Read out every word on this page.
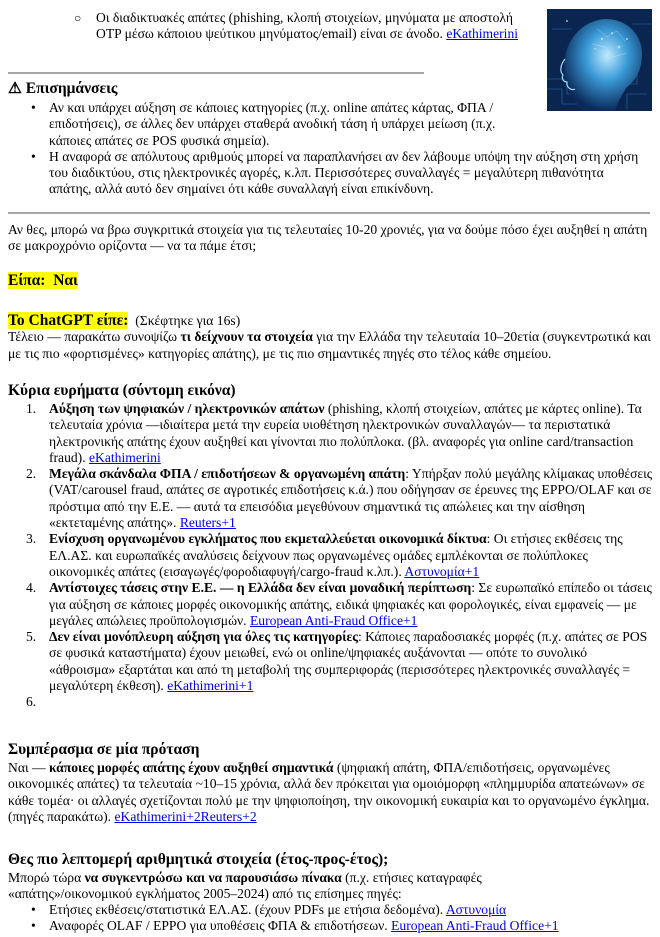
○ Οι διαδικτυακές απάτες (phishing, κλοπή στοιχείων, μηνύματα με αποστολή OTP μέσω κάποιου ψεύτικου μηνύματος/email) είναι σε άνοδο. eKathimerini
⚠ Επισημάνσεις
• Αν και υπάρχει αύξηση σε κάποιες κατηγορίες (π.χ. online απάτες κάρτας, ΦΠΑ / επιδοτήσεις), σε άλλες δεν υπάρχει σταθερά ανοδική τάση ή υπάρχει μείωση (π.χ. κάποιες απάτες σε POS φυσικά σημεία).
• Η αναφορά σε απόλυτους αριθμούς μπορεί να παραπλανήσει αν δεν λάβουμε υπόψη την αύξηση στη χρήση του διαδικτύου, στις ηλεκτρονικές αγορές, κ.λπ. Περισσότερες συναλλαγές = μεγαλύτερη πιθανότητα απάτης, αλλά αυτό δεν σημαίνει ότι κάθε συναλλαγή είναι επικίνδυνη.
Αν θες, μπορώ να βρω συγκριτικά στοιχεία για τις τελευταίες 10-20 χρονιές, για να δούμε πόσο έχει αυξηθεί η απάτη σε μακροχρόνιο ορίζοντα — να τα πάμε έτσι;
Είπα: Ναι
Το ChatGPT είπε: (Σκέφτηκε για 16s)
Τέλειο — παρακάτω συνοψίζω τι δείχνουν τα στοιχεία για την Ελλάδα την τελευταία 10–20ετία (συγκεντρωτικά και με τις πιο «φορτισμένες» κατηγορίες απάτης), με τις πιο σημαντικές πηγές στο τέλος κάθε σημείου.
Κύρια ευρήματα (σύντομη εικόνα)
1. Αύξηση των ψηφιακών / ηλεκτρονικών απάτων (phishing, κλοπή στοιχείων, απάτες με κάρτες online). Τα τελευταία χρόνια —ιδιαίτερα μετά την ευρεία υιοθέτηση ηλεκτρονικών συναλλαγών— τα περιστατικά ηλεκτρονικής απάτης έχουν αυξηθεί και γίνονται πιο πολύπλοκα. (βλ. αναφορές για online card/transaction fraud). eKathimerini
2. Μεγάλα σκάνδαλα ΦΠΑ / επιδοτήσεων & οργανωμένη απάτη: Υπήρξαν πολύ μεγάλης κλίμακας υποθέσεις (VAT/carousel fraud, απάτες σε αγροτικές επιδοτήσεις κ.ά.) που οδήγησαν σε έρευνες της EPPO/OLAF και σε πρόστιμα από την Ε.Ε. — αυτά τα επεισόδια μεγεθύνουν σημαντικά τις απώλειες και την αίσθηση «εκτεταμένης απάτης». Reuters+1
3. Ενίσχυση οργανωμένου εγκλήματος που εκμεταλλεύεται οικονομικά δίκτυα: Οι ετήσιες εκθέσεις της ΕΛ.ΑΣ. και ευρωπαϊκές αναλύσεις δείχνουν πως οργανωμένες ομάδες εμπλέκονται σε πολύπλοκες οικονομικές απάτες (εισαγωγές/φοροδιαφυγή/cargo-fraud κ.λπ.). Αστυνομία+1
4. Αντίστοιχες τάσεις στην Ε.Ε. — η Ελλάδα δεν είναι μοναδική περίπτωση: Σε ευρωπαϊκό επίπεδο οι τάσεις για αύξηση σε κάποιες μορφές οικονομικής απάτης, ειδικά ψηφιακές και φορολογικές, είναι εμφανείς — με μεγάλες απώλειες προϋπολογισμών. European Anti-Fraud Office+1
5. Δεν είναι μονόπλευρη αύξηση για όλες τις κατηγορίες: Κάποιες παραδοσιακές μορφές (π.χ. απάτες σε POS σε φυσικά καταστήματα) έχουν μειωθεί, ενώ οι online/ψηφιακές αυξάνονται — οπότε το συνολικό «άθροισμα» εξαρτάται και από τη μεταβολή της συμπεριφοράς (περισσότερες ηλεκτρονικές συναλλαγές = μεγαλύτερη έκθεση). eKathimerini+1
6.
Συμπέρασμα σε μία πρόταση
Ναι — κάποιες μορφές απάτης έχουν αυξηθεί σημαντικά (ψηφιακή απάτη, ΦΠΑ/επιδοτήσεις, οργανωμένες οικονομικές απάτες) τα τελευταία ~10–15 χρόνια, αλλά δεν πρόκειται για ομοιόμορφη «πλημμυρίδα απατεώνων» σε κάθε τομέα· οι αλλαγές σχετίζονται πολύ με την ψηφιοποίηση, την οικονομική ευκαιρία και το οργανωμένο έγκλημα. (πηγές παρακάτω). eKathimerini+2Reuters+2
Θες πιο λεπτομερή αριθμητικά στοιχεία (έτος-προς-έτος);
Μπορώ τώρα να συγκεντρώσω και να παρουσιάσω πίνακα (π.χ. ετήσιες καταγραφές «απάτης»/οικονομικού εγκλήματος 2005–2024) από τις επίσημες πηγές:
• Ετήσιες εκθέσεις/στατιστικά ΕΛ.ΑΣ. (έχουν PDFs με ετήσια δεδομένα). Αστυνομία
• Αναφορές OLAF / EPPO για υποθέσεις ΦΠΑ & επιδοτήσεων. European Anti-Fraud Office+1
